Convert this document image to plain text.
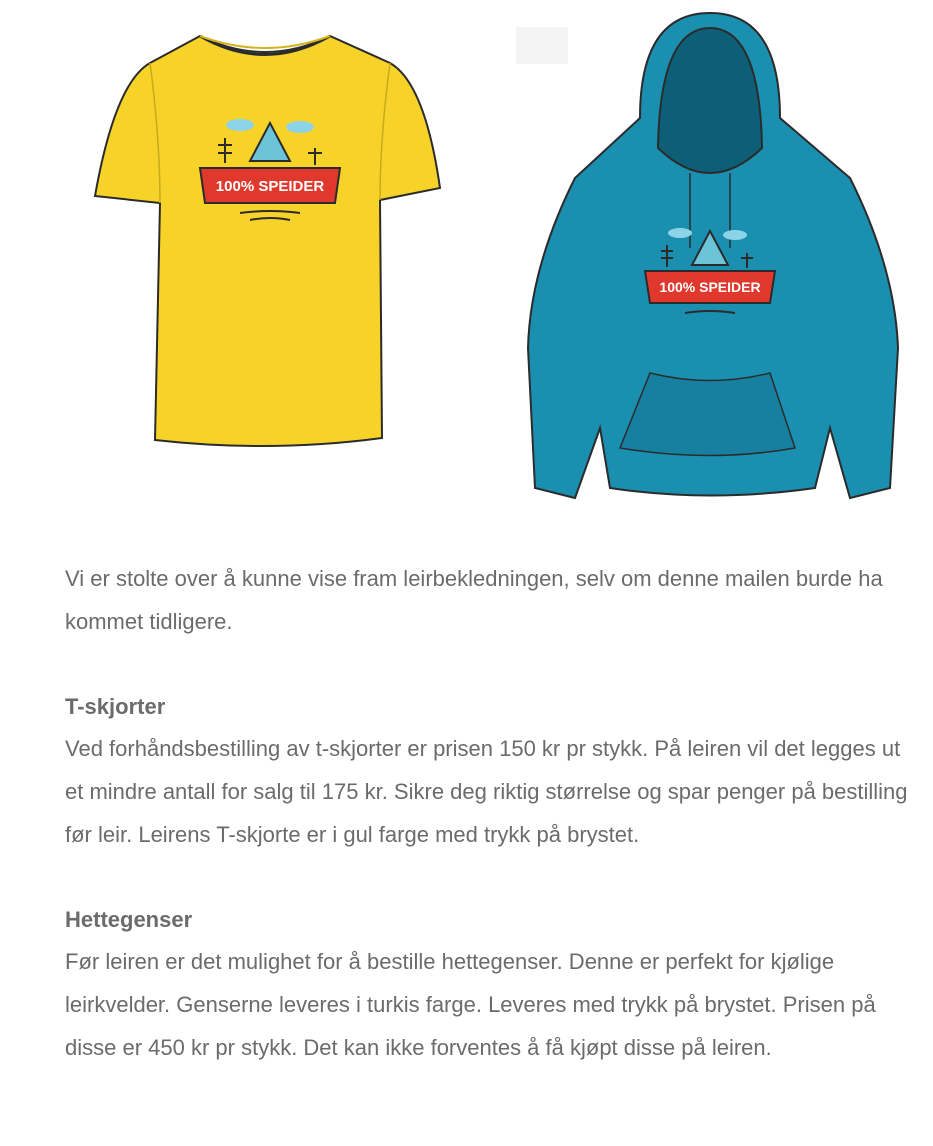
100% SPEIDER
100% SPEIDER

Vi er stolte over å kunne vise fram leirbekledningen, selv om denne mailen burde ha kommet tidligere.

T-skjorter

Ved forhåndsbestilling av t-skjorter er prisen 150 kr pr stykk. På leiren vil det legges ut et mindre antall for salg til 175 kr. Sikre deg riktig størrelse og spar penger på bestilling før leir. Leirens T-skjorte er i gul farge med trykk på brystet.

Hettegenser

Før leiren er det mulighet for å bestille hettegenser. Denne er perfekt for kjølige leirkvelder. Genserne leveres i turkis farge. Leveres med trykk på brystet. Prisen på disse er 450 kr pr stykk. Det kan ikke forventes å få kjøpt disse på leiren.
